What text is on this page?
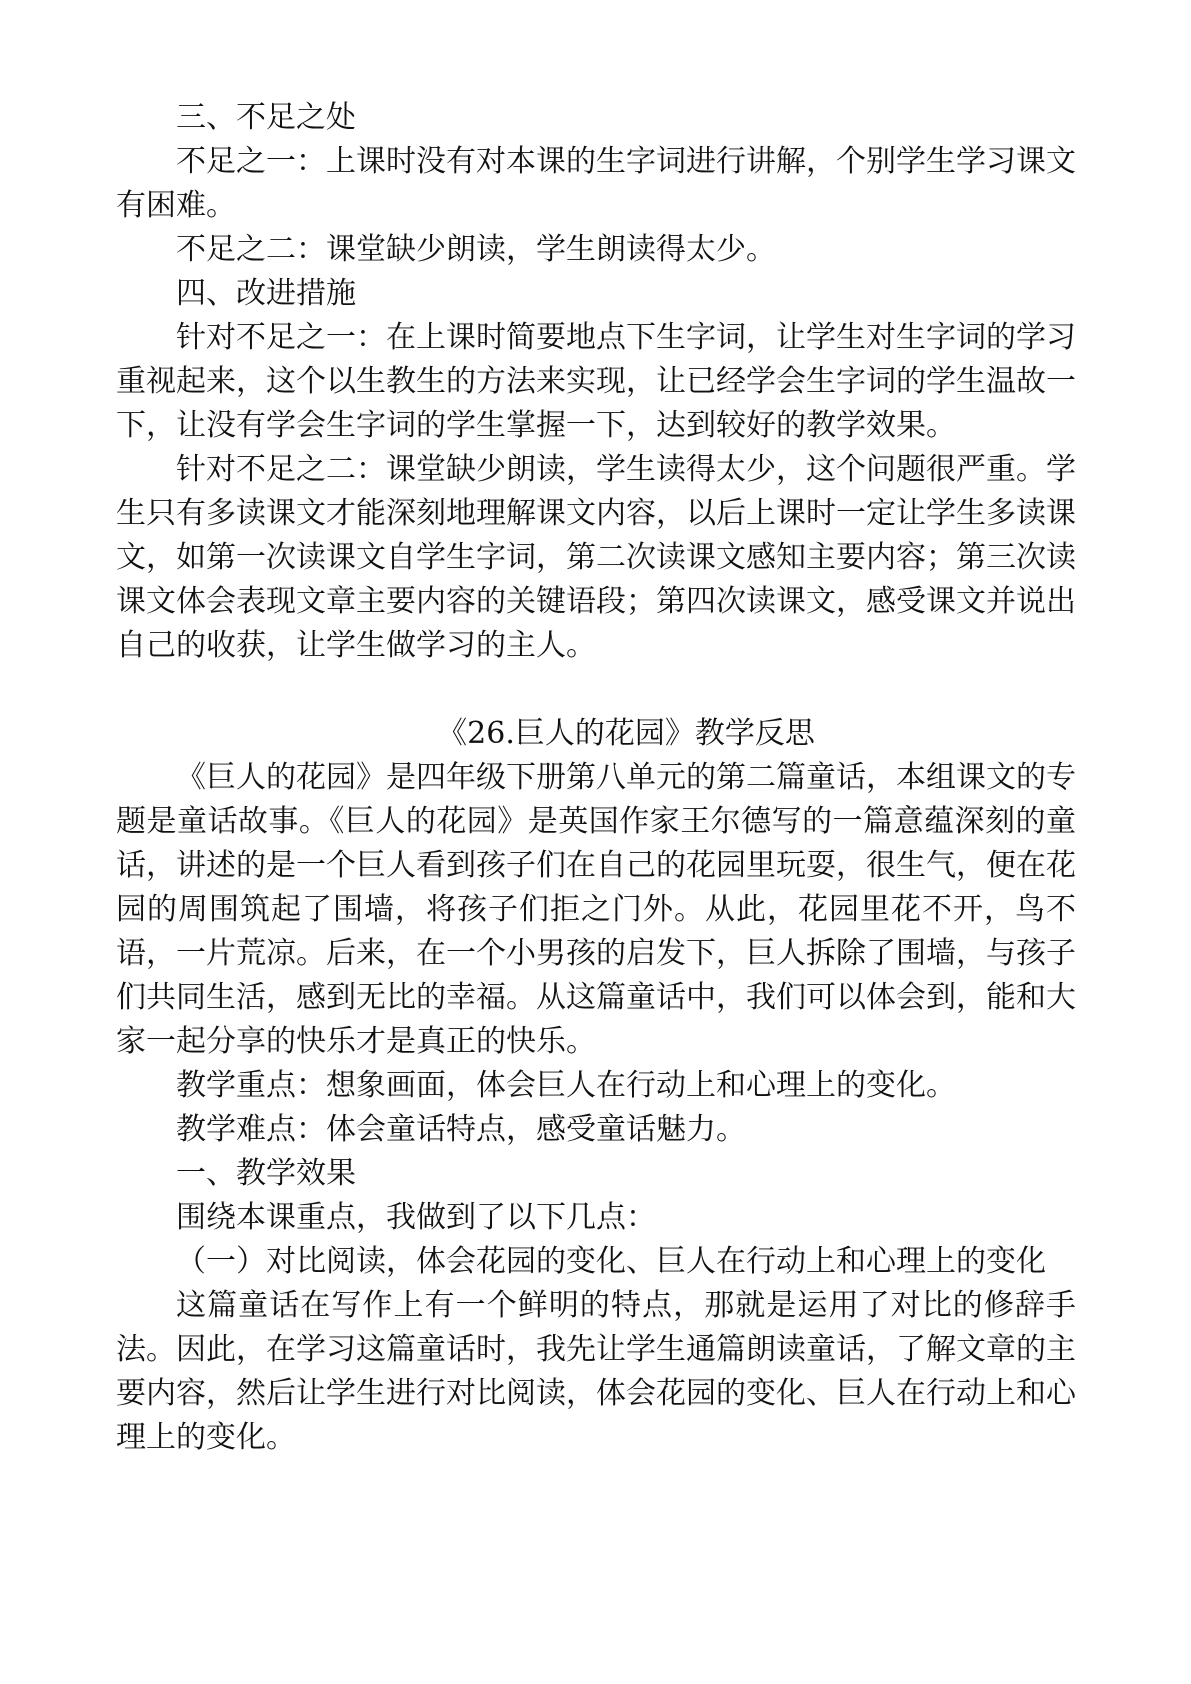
三、不足之处

不足之一：上课时没有对本课的生字词进行讲解，个别学生学习课文有困难。

不足之二：课堂缺少朗读，学生朗读得太少。

四、改进措施

针对不足之一：在上课时简要地点下生字词，让学生对生字词的学习重视起来，这个以生教生的方法来实现，让已经学会生字词的学生温故一下，让没有学会生字词的学生掌握一下，达到较好的教学效果。

针对不足之二：课堂缺少朗读，学生读得太少，这个问题很严重。学生只有多读课文才能深刻地理解课文内容，以后上课时一定让学生多读课文，如第一次读课文自学生字词，第二次读课文感知主要内容；第三次读课文体会表现文章主要内容的关键语段；第四次读课文，感受课文并说出自己的收获，让学生做学习的主人。

《26.巨人的花园》教学反思

《巨人的花园》是四年级下册第八单元的第二篇童话，本组课文的专题是童话故事。《巨人的花园》是英国作家王尔德写的一篇意蕴深刻的童话，讲述的是一个巨人看到孩子们在自己的花园里玩耍，很生气，便在花园的周围筑起了围墙，将孩子们拒之门外。从此，花园里花不开，鸟不语，一片荒凉。后来，在一个小男孩的启发下，巨人拆除了围墙，与孩子们共同生活，感到无比的幸福。从这篇童话中，我们可以体会到，能和大家一起分享的快乐才是真正的快乐。

教学重点：想象画面，体会巨人在行动上和心理上的变化。

教学难点：体会童话特点，感受童话魅力。

一、教学效果

围绕本课重点，我做到了以下几点：

（一）对比阅读，体会花园的变化、巨人在行动上和心理上的变化

这篇童话在写作上有一个鲜明的特点，那就是运用了对比的修辞手法。因此，在学习这篇童话时，我先让学生通篇朗读童话，了解文章的主要内容，然后让学生进行对比阅读，体会花园的变化、巨人在行动上和心理上的变化。
